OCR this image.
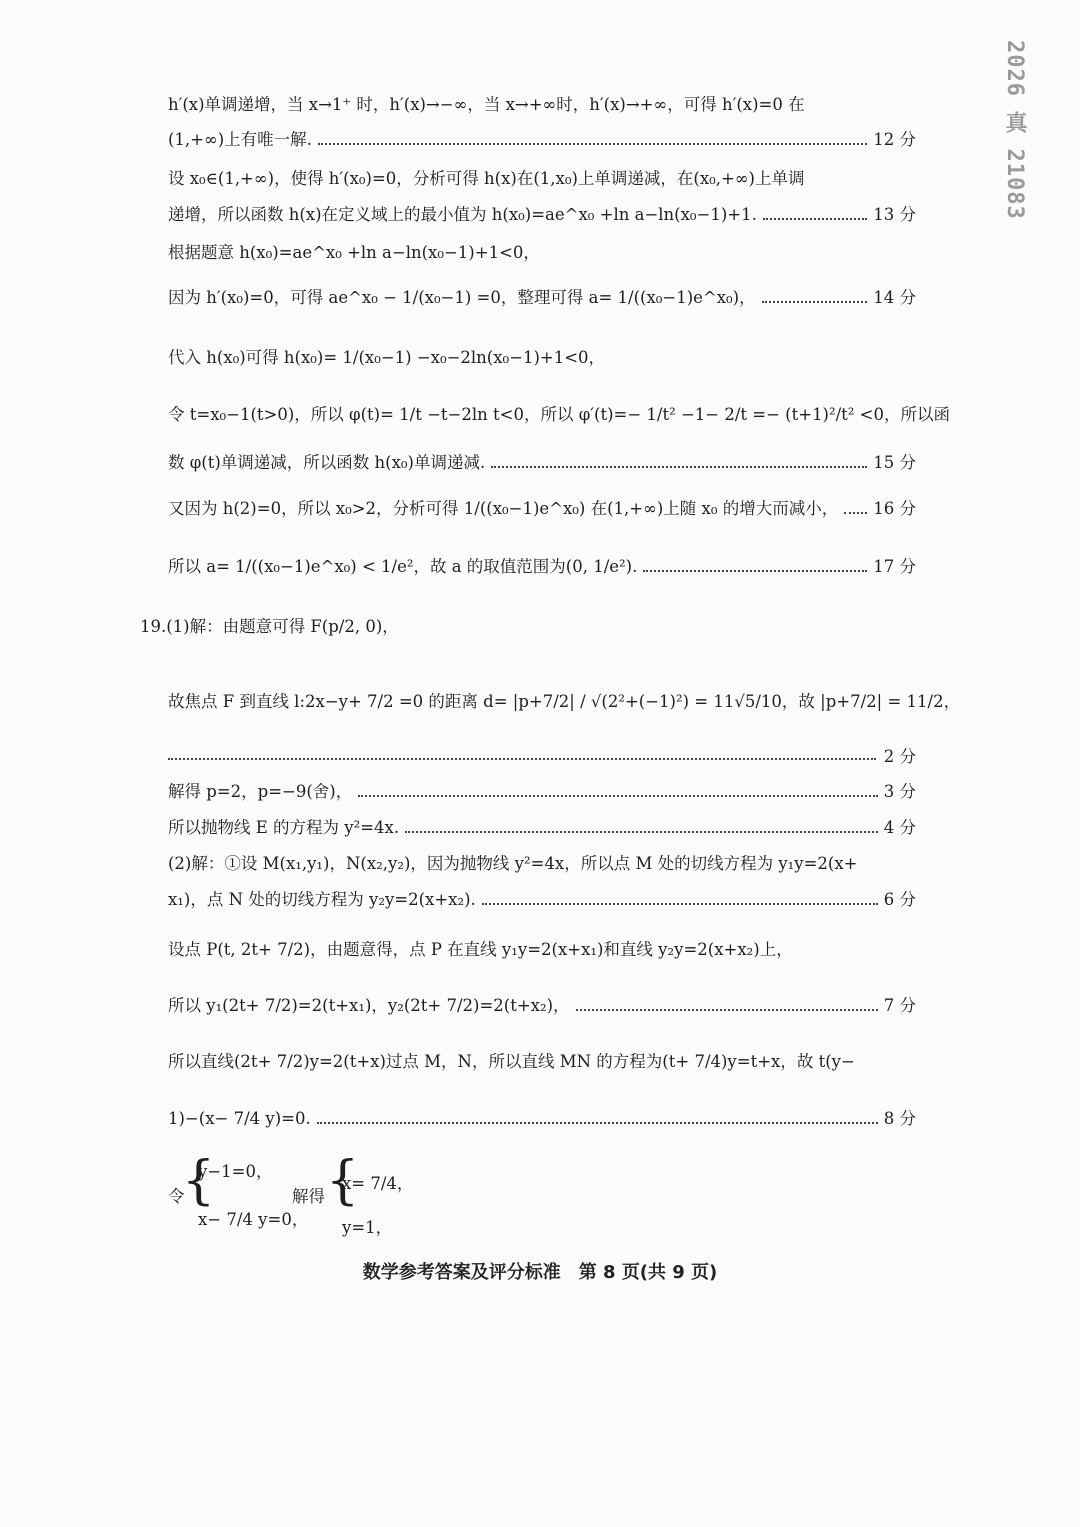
2026 真 21083
h′(x)单调递增，当 x→1⁺ 时，h′(x)→−∞，当 x→+∞时，h′(x)→+∞，可得 h′(x)=0 在
(1,+∞)上有唯一解.	12 分
设 x₀∈(1,+∞)，使得 h′(x₀)=0，分析可得 h(x)在(1,x₀)上单调递减，在(x₀,+∞)上单调
递增，所以函数 h(x)在定义域上的最小值为 h(x₀)=ae^x₀ +ln a−ln(x₀−1)+1.	13 分
根据题意 h(x₀)=ae^x₀ +ln a−ln(x₀−1)+1<0，
因为 h′(x₀)=0，可得 ae^x₀ − 1/(x₀−1) =0，整理可得 a= 1/((x₀−1)e^x₀)，	14 分
代入 h(x₀)可得 h(x₀)= 1/(x₀−1) −x₀−2ln(x₀−1)+1<0，
令 t=x₀−1(t>0)，所以 φ(t)= 1/t −t−2ln t<0，所以 φ′(t)=− 1/t² −1− 2/t =− (t+1)²/t² <0，所以函
数 φ(t)单调递减，所以函数 h(x₀)单调递减.	15 分
又因为 h(2)=0，所以 x₀>2，分析可得 1/((x₀−1)e^x₀) 在(1,+∞)上随 x₀ 的增大而减小， 16 分
所以 a= 1/((x₀−1)e^x₀) < 1/e²，故 a 的取值范围为(0, 1/e²).	17 分
19.(1)解：由题意可得 F(p/2, 0)，
故焦点 F 到直线 l:2x−y+ 7/2 =0 的距离 d= |p+7/2| / √(2²+(−1)²) = 11√5/10，故 |p+7/2| = 11/2，
2 分
解得 p=2，p=−9(舍)，	3 分
所以抛物线 E 的方程为 y²=4x.	4 分
(2)解：①设 M(x₁,y₁)，N(x₂,y₂)，因为抛物线 y²=4x，所以点 M 处的切线方程为 y₁y=2(x+
x₁)，点 N 处的切线方程为 y₂y=2(x+x₂).	6 分
设点 P(t, 2t+ 7/2)，由题意得，点 P 在直线 y₁y=2(x+x₁)和直线 y₂y=2(x+x₂)上，
所以 y₁(2t+ 7/2)=2(t+x₁)，y₂(2t+ 7/2)=2(t+x₂)，	7 分
所以直线(2t+ 7/2)y=2(t+x)过点 M，N，所以直线 MN 的方程为(t+ 7/4)y=t+x，故 t(y−
1)−(x− 7/4 y)=0.	8 分
令
{
y−1=0，
x− 7/4 y=0，
解得 {
x= 7/4，
y=1，
数学参考答案及评分标准　第 8 页(共 9 页)
